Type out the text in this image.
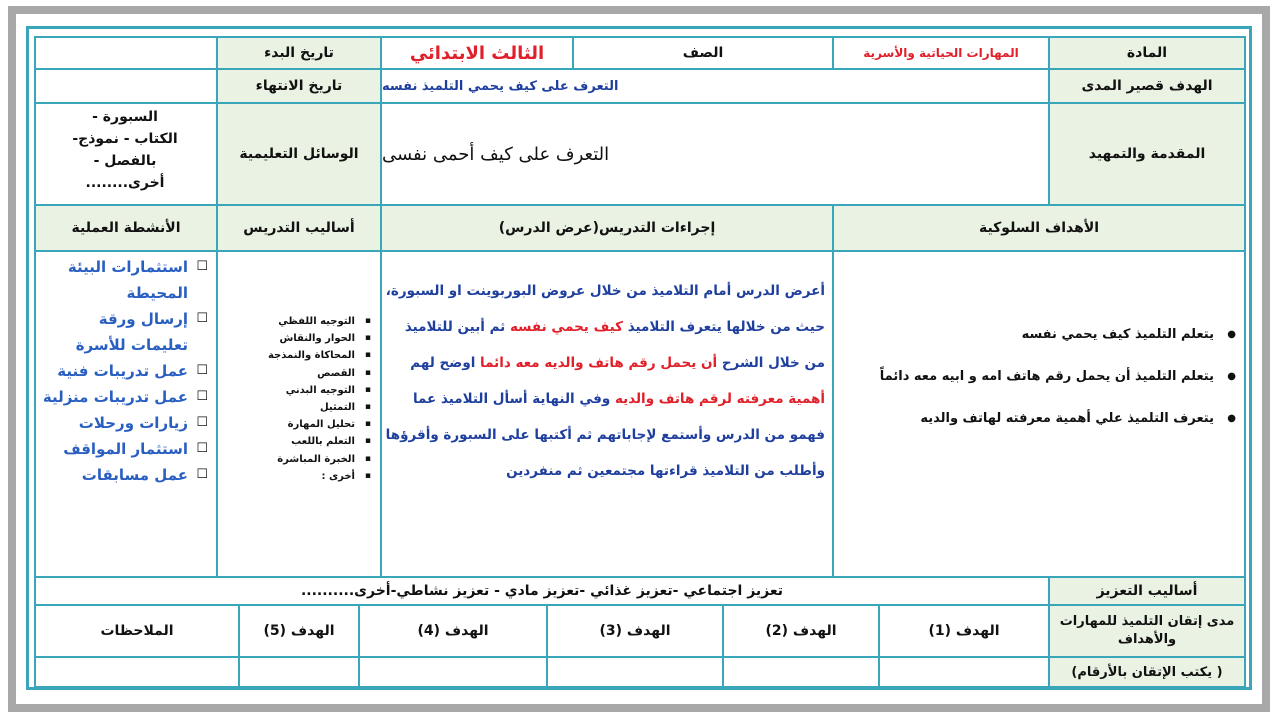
المادة
المهارات الحياتية والأسرية
الصف
الثالث الابتدائي
تاريخ البدء
الهدف قصير المدى
التعرف على كيف يحمي التلميذ نفسه
تاريخ الانتهاء
المقدمة والتمهيد
التعرف على كيف أحمى نفسى
الوسائل التعليمية
السبورة -
الكتاب - نموذج-
بالفصل -
أخرى........
الأهداف السلوكية
إجراءات التدريس(عرض الدرس)
أساليب التدريس
الأنشطة العملية
● يتعلم التلميذ كيف يحمي نفسه
● يتعلم التلميذ أن يحمل رقم هاتف امه و ابيه معه دائماً
● يتعرف التلميذ علي أهمية معرفته لهاتف والديه
أعرض الدرس أمام التلاميذ من خلال عروض البوربوينت او السبورة، حيث من خلالها يتعرف التلاميذ كيف يحمي نفسه ثم أبين للتلاميذ من خلال الشرح أن يحمل رقم هاتف والديه معه دائما اوضح لهم أهمية معرفته لرقم هاتف والديه وفي النهاية أسأل التلاميذ عما فهمو من الدرس وأستمع لإجاباتهم ثم أكتبها على السبورة وأقرؤها وأطلب من التلاميذ قراءتها مجتمعين ثم منفردين
▪ التوجيه اللفظي
▪ الحوار والنقاش
▪ المحاكاة والنمذجة
▪ القصص
▪ التوجيه البدني
▪ التمثيل
▪ تحليل المهارة
▪ التعلم باللعب
▪ الخبرة المباشرة
▪ أخرى :
☐ استثمارات البيئة المحيطة
☐ إرسال ورقة تعليمات للأسرة
☐ عمل تدريبات فنية
☐ عمل تدريبات منزلية
☐ زيارات ورحلات
☐ استثمار المواقف
☐ عمل مسابقات
أساليب التعزيز
تعزيز اجتماعي -تعزيز غذائي -تعزيز مادي - تعزيز نشاطي-أخرى..........
مدى إتقان التلميذ للمهارات والأهداف
الهدف (1)
الهدف (2)
الهدف (3)
الهدف (4)
الهدف (5)
الملاحظات
( يكتب الإتقان بالأرقام)
